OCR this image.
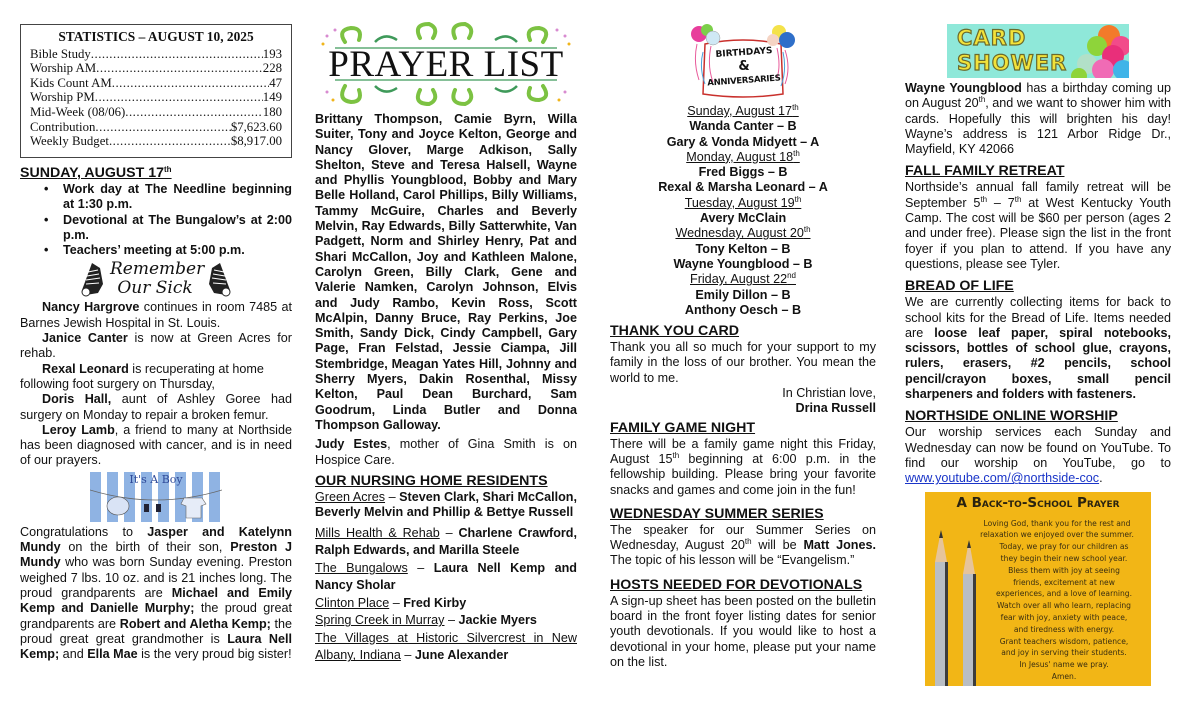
STATISTICS – AUGUST 10, 2025
Bible Study .....	193
Worship AM .....	228
Kids Count AM .....	47
Worship PM .....	149
Mid-Week (08/06) .....	180
Contribution .....	$7,623.60
Weekly Budget .....	$8,917.00
SUNDAY, AUGUST 17th
• Work day at The Needline beginning at 1:30 p.m.
• Devotional at The Bungalow’s at 2:00 p.m.
• Teachers’ meeting at 5:00 p.m.
Remember
Our Sick

Nancy Hargrove continues in room 7485 at Barnes Jewish Hospital in St. Louis.

Janice Canter is now at Green Acres for rehab.

Rexal Leonard is recuperating at home following foot surgery on Thursday,

Doris Hall, aunt of Ashley Goree had surgery on Monday to repair a broken femur.

Leroy Lamb, a friend to many at Northside has been diagnosed with cancer, and is in need of our prayers.

It's A Boy

Congratulations to Jasper and Katelynn Mundy on the birth of their son, Preston J Mundy who was born Sunday evening. Preston weighed 7 lbs. 10 oz. and is 21 inches long. The proud grandparents are Michael and Emily Kemp and Danielle Murphy; the proud great grandparents are Robert and Aletha Kemp; the proud great great grandmother is Laura Nell Kemp; and Ella Mae is the very proud big sister!

PRAYER LIST

Brittany Thompson, Camie Byrn, Willa Suiter, Tony and Joyce Kelton, George and Nancy Glover, Marge Adkison, Sally Shelton, Steve and Teresa Halsell, Wayne and Phyllis Youngblood, Bobby and Mary Belle Holland, Carol Phillips, Billy Williams, Tammy McGuire, Charles and Beverly Melvin, Ray Edwards, Billy Satterwhite, Van Padgett, Norm and Shirley Henry, Pat and Shari McCallon, Joy and Kathleen Malone, Carolyn Green, Billy Clark, Gene and Valerie Namken, Carolyn Johnson, Elvis and Judy Rambo, Kevin Ross, Scott McAlpin, Danny Bruce, Ray Perkins, Joe Smith, Sandy Dick, Cindy Campbell, Gary Page, Fran Felstad, Jessie Ciampa, Jill Stembridge, Meagan Yates Hill, Johnny and Sherry Myers, Dakin Rosenthal, Missy Kelton, Paul Dean Burchard, Sam Goodrum, Linda Butler and Donna Thompson Galloway.

Judy Estes, mother of Gina Smith is on Hospice Care.

OUR NURSING HOME RESIDENTS

Green Acres – Steven Clark, Shari McCallon, Beverly Melvin and Phillip & Bettye Russell

Mills Health & Rehab – Charlene Crawford, Ralph Edwards, and Marilla Steele

The Bungalows – Laura Nell Kemp and Nancy Sholar

Clinton Place – Fred Kirby

Spring Creek in Murray – Jackie Myers

The Villages at Historic Silvercrest in New Albany, Indiana – June Alexander

BIRTHDAYS
&
ANNIVERSARIES
Sunday, August 17th
Wanda Canter – B
Gary & Vonda Midyett – A
Monday, August 18th
Fred Biggs – B
Rexal & Marsha Leonard – A
Tuesday, August 19th
Avery McClain
Wednesday, August 20th
Tony Kelton – B
Wayne Youngblood – B
Friday, August 22nd
Emily Dillon – B
Anthony Oesch – B
THANK YOU CARD

Thank you all so much for your support to my family in the loss of our brother. You mean the world to me.

In Christian love,

Drina Russell

FAMILY GAME NIGHT

There will be a family game night this Friday, August 15th beginning at 6:00 p.m. in the fellowship building. Please bring your favorite snacks and games and come join in the fun!

WEDNESDAY SUMMER SERIES

The speaker for our Summer Series on Wednesday, August 20th will be Matt Jones. The topic of his lesson will be “Evangelism.”

HOSTS NEEDED FOR DEVOTIONALS

A sign-up sheet has been posted on the bulletin board in the front foyer listing dates for senior youth devotionals. If you would like to host a devotional in your home, please put your name on the list.

CARD
SHOWER

Wayne Youngblood has a birthday coming up on August 20th, and we want to shower him with cards. Hopefully this will brighten his day! Wayne’s address is 121 Arbor Ridge Dr., Mayfield, KY 42066

FALL FAMILY RETREAT

Northside’s annual fall family retreat will be September 5th – 7th at West Kentucky Youth Camp. The cost will be $60 per person (ages 2 and under free). Please sign the list in the front foyer if you plan to attend. If you have any questions, please see Tyler.

BREAD OF LIFE

We are currently collecting items for back to school kits for the Bread of Life. Items needed are loose leaf paper, spiral notebooks, scissors, bottles of school glue, crayons, rulers, erasers, #2 pencils, school pencil/crayon boxes, small pencil sharpeners and folders with fasteners.

NORTHSIDE ONLINE WORSHIP

Our worship services each Sunday and Wednesday can now be found on YouTube. To find our worship on YouTube, go to www.youtube.com/@northside-coc.

A Back-to-School Prayer
Loving God, thank you for the rest and
relaxation we enjoyed over the summer.
Today, we pray for our children as
they begin their new school year.
Bless them with joy at seeing
friends, excitement at new
experiences, and a love of learning.
Watch over all who learn, replacing
fear with joy, anxiety with peace,
and tiredness with energy.
Grant teachers wisdom, patience,
and joy in serving their students.
In Jesus' name we pray.
Amen.
